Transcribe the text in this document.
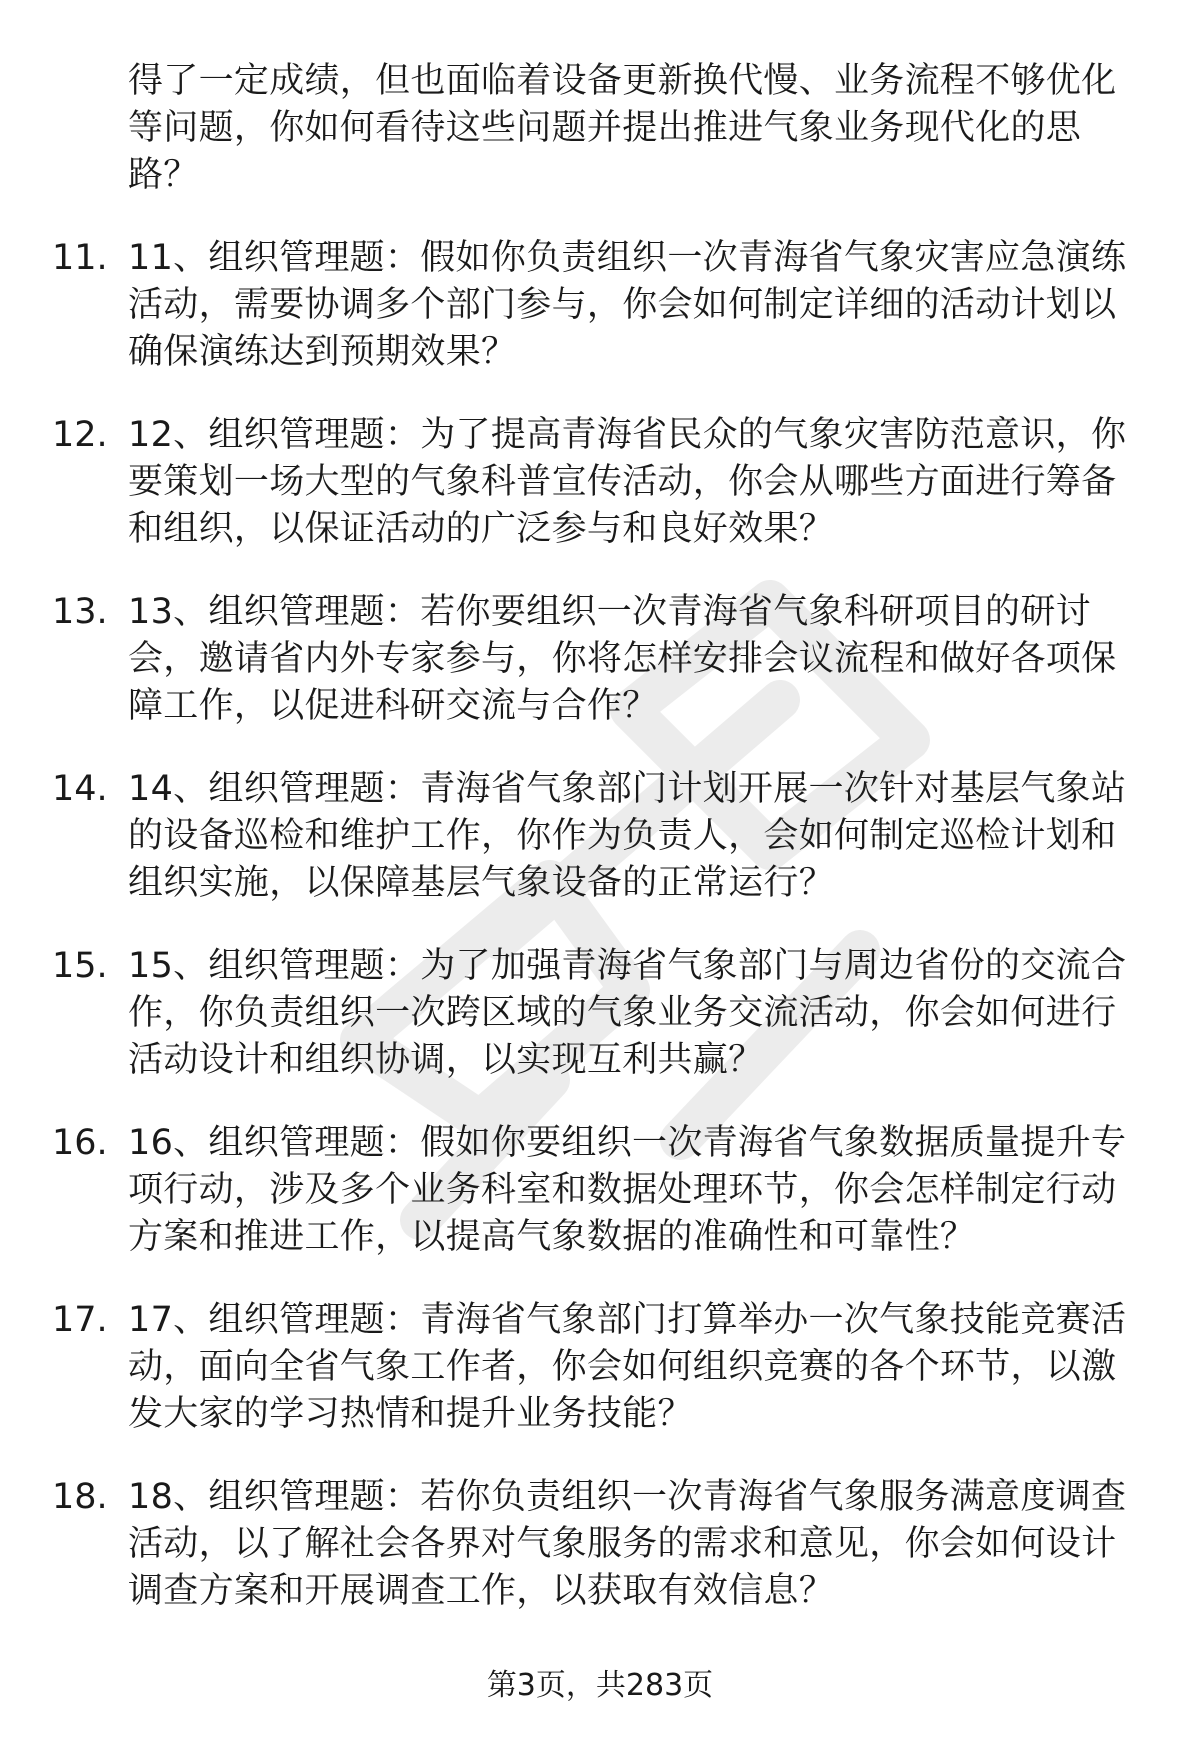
得了一定成绩，但也面临着设备更新换代慢、业务流程不够优化等问题，你如何看待这些问题并提出推进气象业务现代化的思路？
11. 11、组织管理题：假如你负责组织一次青海省气象灾害应急演练活动，需要协调多个部门参与，你会如何制定详细的活动计划以确保演练达到预期效果？
12. 12、组织管理题：为了提高青海省民众的气象灾害防范意识，你要策划一场大型的气象科普宣传活动，你会从哪些方面进行筹备和组织，以保证活动的广泛参与和良好效果？
13. 13、组织管理题：若你要组织一次青海省气象科研项目的研讨会，邀请省内外专家参与，你将怎样安排会议流程和做好各项保障工作，以促进科研交流与合作？
14. 14、组织管理题：青海省气象部门计划开展一次针对基层气象站的设备巡检和维护工作，你作为负责人，会如何制定巡检计划和组织实施，以保障基层气象设备的正常运行？
15. 15、组织管理题：为了加强青海省气象部门与周边省份的交流合作，你负责组织一次跨区域的气象业务交流活动，你会如何进行活动设计和组织协调，以实现互利共赢？
16. 16、组织管理题：假如你要组织一次青海省气象数据质量提升专项行动，涉及多个业务科室和数据处理环节，你会怎样制定行动方案和推进工作，以提高气象数据的准确性和可靠性？
17. 17、组织管理题：青海省气象部门打算举办一次气象技能竞赛活动，面向全省气象工作者，你会如何组织竞赛的各个环节，以激发大家的学习热情和提升业务技能？
18. 18、组织管理题：若你负责组织一次青海省气象服务满意度调查活动，以了解社会各界对气象服务的需求和意见，你会如何设计调查方案和开展调查工作，以获取有效信息？
第3页，共283页
